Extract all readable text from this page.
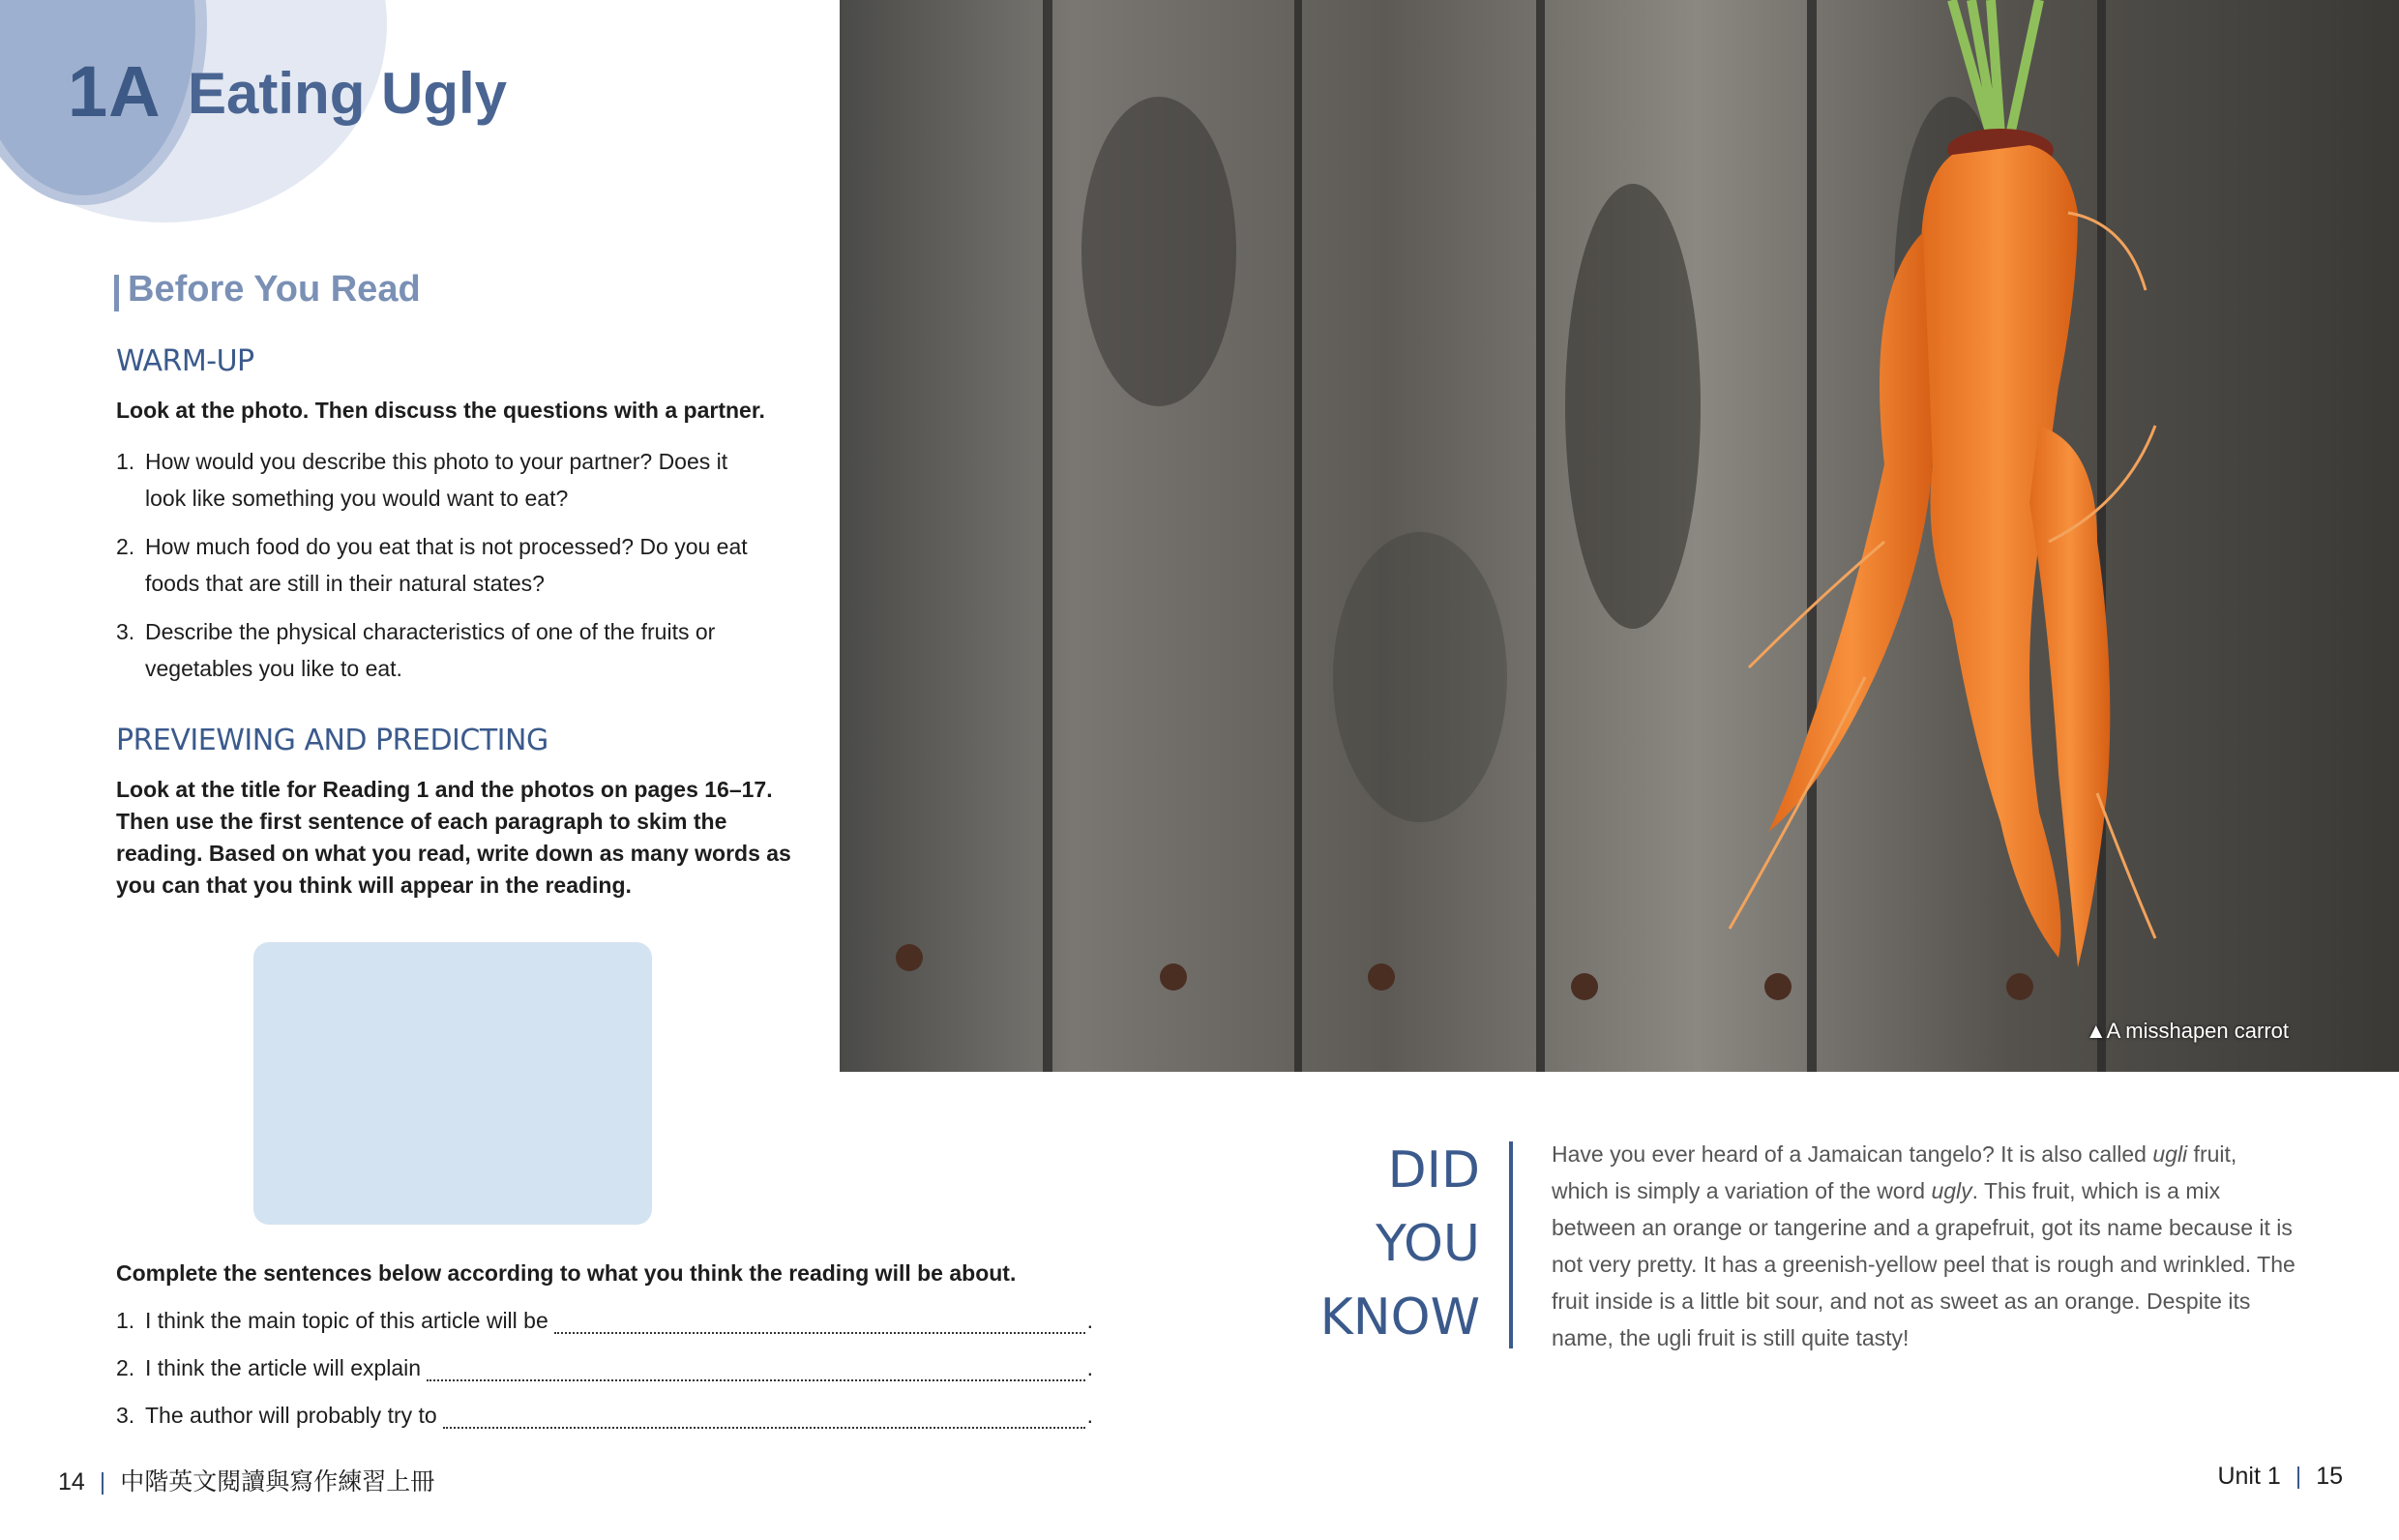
1A Eating Ugly
Before You Read
WARM-UP
Look at the photo. Then discuss the questions with a partner.
1. How would you describe this photo to your partner? Does it look like something you would want to eat?
2. How much food do you eat that is not processed? Do you eat foods that are still in their natural states?
3. Describe the physical characteristics of one of the fruits or vegetables you like to eat.
PREVIEWING AND PREDICTING
Look at the title for Reading 1 and the photos on pages 16–17. Then use the first sentence of each paragraph to skim the reading. Based on what you read, write down as many words as you can that you think will appear in the reading.
Complete the sentences below according to what you think the reading will be about.
1. I think the main topic of this article will be	.
2. I think the article will explain	.
3. The author will probably try to	.
▲A misshapen carrot
DID
YOU
KNOW
Have you ever heard of a Jamaican tangelo? It is also called ugli fruit, which is simply a variation of the word ugly. This fruit, which is a mix between an orange or tangerine and a grapefruit, got its name because it is not very pretty. It has a greenish-yellow peel that is rough and wrinkled. The fruit inside is a little bit sour, and not as sweet as an orange. Despite its name, the ugli fruit is still quite tasty!
14 | 中階英文閱讀與寫作練習上冊	Unit 1 | 15
